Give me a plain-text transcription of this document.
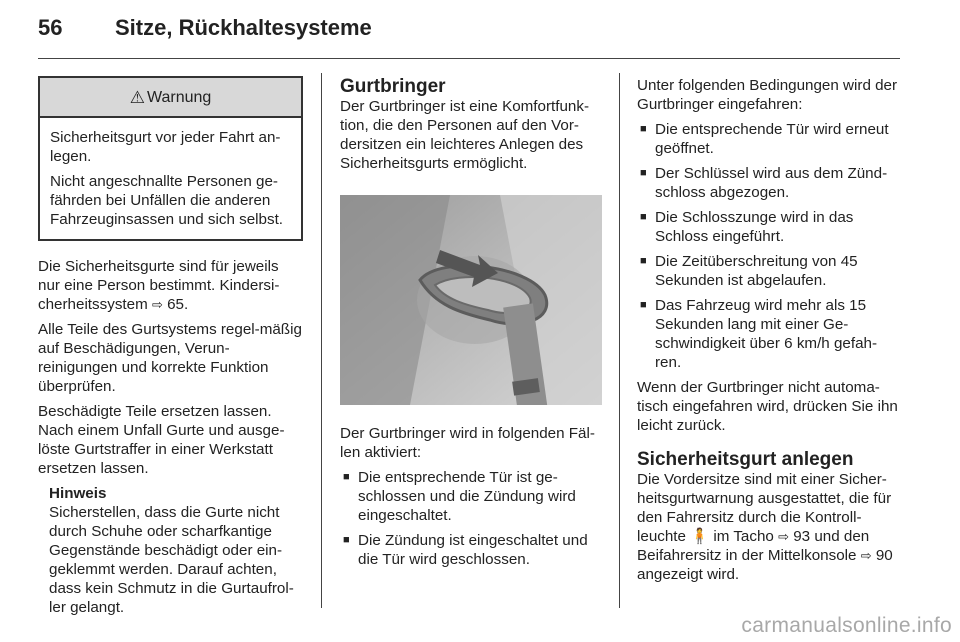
56 Sitze, Rückhaltesysteme
⚠ Warnung

Sicherheitsgurt vor jeder Fahrt an-legen.

Nicht angeschnallte Personen ge-fährden bei Unfällen die anderen Fahrzeuginsassen und sich selbst.

Die Sicherheitsgurte sind für jeweils nur eine Person bestimmt. Kindersi-cherheitssystem ⇨ 65.

Alle Teile des Gurtsystems regel-mäßig auf Beschädigungen, Verun-reinigungen und korrekte Funktion überprüfen.

Beschädigte Teile ersetzen lassen. Nach einem Unfall Gurte und ausge-löste Gurtstraffer in einer Werkstatt ersetzen lassen.

Hinweis
Sicherstellen, dass die Gurte nicht durch Schuhe oder scharfkantige Gegenstände beschädigt oder ein-geklemmt werden. Darauf achten, dass kein Schmutz in die Gurtaufrol-ler gelangt.
Gurtbringer

Der Gurtbringer ist eine Komfortfunk-tion, die den Personen auf den Vor-dersitzen ein leichteres Anlegen des Sicherheitsgurts ermöglicht.

Der Gurtbringer wird in folgenden Fäl-len aktiviert:

■ Die entsprechende Tür ist ge-schlossen und die Zündung wird eingeschaltet.
■ Die Zündung ist eingeschaltet und die Tür wird geschlossen.

Unter folgenden Bedingungen wird der Gurtbringer eingefahren:

■ Die entsprechende Tür wird erneut geöffnet.
■ Der Schlüssel wird aus dem Zünd-schloss abgezogen.
■ Die Schlosszunge wird in das Schloss eingeführt.
■ Die Zeitüberschreitung von 45 Sekunden ist abgelaufen.
■ Das Fahrzeug wird mehr als 15 Sekunden lang mit einer Ge-schwindigkeit über 6 km/h gefah-ren.

Wenn der Gurtbringer nicht automa-tisch eingefahren wird, drücken Sie ihn leicht zurück.

Sicherheitsgurt anlegen

Die Vordersitze sind mit einer Sicher-heitsgurtwarnung ausgestattet, die für den Fahrersitz durch die Kontroll-leuchte 🧍 im Tacho ⇨ 93 und den Beifahrersitz in der Mittelkonsole ⇨ 90 angezeigt wird.

carmanualsonline.info
